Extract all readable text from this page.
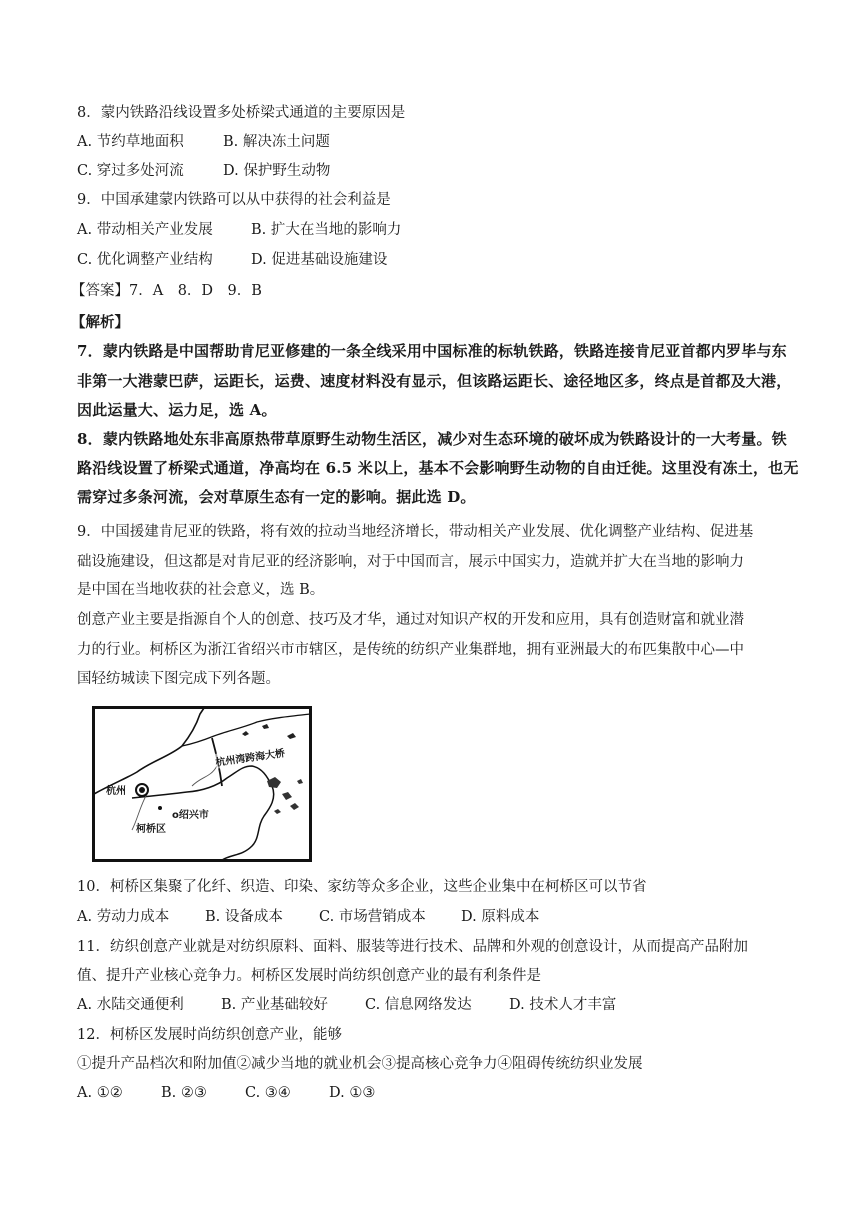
8．蒙内铁路沿线设置多处桥梁式通道的主要原因是
A. 节约草地面积	B. 解决冻土问题
C. 穿过多处河流	D. 保护野生动物
9．中国承建蒙内铁路可以从中获得的社会利益是
A. 带动相关产业发展	B. 扩大在当地的影响力
C. 优化调整产业结构	D. 促进基础设施建设
【答案】7．A　8．D　9．B
【解析】
7．蒙内铁路是中国帮助肯尼亚修建的一条全线采用中国标准的标轨铁路，铁路连接肯尼亚首都内罗毕与东
非第一大港蒙巴萨，运距长，运费、速度材料没有显示，但该路运距长、途径地区多，终点是首都及大港，
因此运量大、运力足，选 A。
8．蒙内铁路地处东非高原热带草原野生动物生活区，减少对生态环境的破坏成为铁路设计的一大考量。铁
路沿线设置了桥梁式通道，净高均在 6.5 米以上，基本不会影响野生动物的自由迁徙。这里没有冻土，也无
需穿过多条河流，会对草原生态有一定的影响。据此选 D。
9．中国援建肯尼亚的铁路，将有效的拉动当地经济增长，带动相关产业发展、优化调整产业结构、促进基
础设施建设，但这都是对肯尼亚的经济影响，对于中国而言，展示中国实力，造就并扩大在当地的影响力
是中国在当地收获的社会意义，选 B。
创意产业主要是指源自个人的创意、技巧及才华，通过对知识产权的开发和应用，具有创造财富和就业潜
力的行业。柯桥区为浙江省绍兴市市辖区，是传统的纺织产业集群地，拥有亚洲最大的布匹集散中心—中
国轻纺城读下图完成下列各题。
杭州湾跨海大桥
杭州
柯桥区
o绍兴市
10．柯桥区集聚了化纤、织造、印染、家纺等众多企业，这些企业集中在柯桥区可以节省
A. 劳动力成本 B. 设备成本 C. 市场营销成本 D. 原料成本
11．纺织创意产业就是对纺织原料、面料、服装等进行技术、品牌和外观的创意设计，从而提高产品附加
值、提升产业核心竞争力。柯桥区发展时尚纺织创意产业的最有利条件是
A. 水陆交通便利	B. 产业基础较好	C. 信息网络发达	D. 技术人才丰富
12．柯桥区发展时尚纺织创意产业，能够
①提升产品档次和附加值②减少当地的就业机会③提高核心竞争力④阻碍传统纺织业发展
A. ①②	B. ②③	C. ③④	D. ①③
